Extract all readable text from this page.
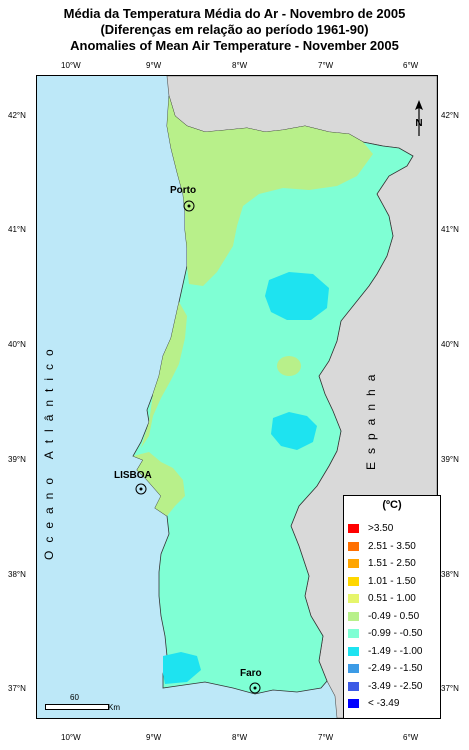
Média da Temperatura Média do Ar - Novembro de 2005
(Diferenças em relação ao período 1961-90)
Anomalies of Mean Air Temperature - November 2005
10°W	9°W	8°W	7°W	6°W
10°W	9°W	8°W	7°W	6°W
42°N
41°N
40°N
39°N
38°N
37°N
42°N
41°N
40°N
39°N
38°N
37°N
N
Oceano Atlântico	Espanha
Porto
LISBOA
Faro
60
Km
(ºC)
>3.50
2.51 - 3.50
1.51 - 2.50
1.01 - 1.50
0.51 - 1.00
-0.49 - 0.50
-0.99 - -0.50
-1.49 - -1.00
-2.49 - -1.50
-3.49 - -2.50
< -3.49
